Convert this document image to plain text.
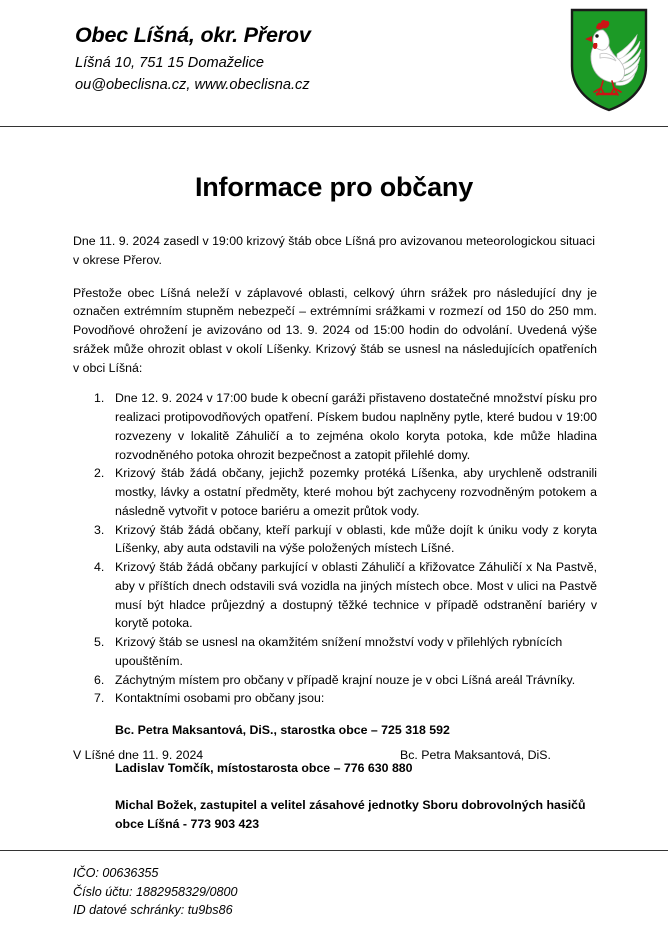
Obec Líšná, okr. Přerov
Líšná 10, 751 15 Domaželice
ou@obeclisna.cz, www.obeclisna.cz
Informace pro občany

Dne 11. 9. 2024 zasedl v 19:00 krizový štáb obce Líšná pro avizovanou meteorologickou situaci v okrese Přerov.

Přestože obec Líšná neleží v záplavové oblasti, celkový úhrn srážek pro následující dny je označen extrémním stupněm nebezpečí – extrémními srážkami v rozmezí od 150 do 250 mm. Povodňové ohrožení je avizováno od 13. 9. 2024 od 15:00 hodin do odvolání. Uvedená výše srážek může ohrozit oblast v okolí Líšenky. Krizový štáb se usnesl na následujících opatřeních v obci Líšná:

Dne 12. 9. 2024 v 17:00 bude k obecní garáži přistaveno dostatečné množství písku pro realizaci protipovodňových opatření. Pískem budou naplněny pytle, které budou v 19:00 rozvezeny v lokalitě Záhuličí a to zejména okolo koryta potoka, kde může hladina rozvodněného potoka ohrozit bezpečnost a zatopit přilehlé domy.
Krizový štáb žádá občany, jejichž pozemky protéká Líšenka, aby urychleně odstranili mostky, lávky a ostatní předměty, které mohou být zachyceny rozvodněným potokem a následně vytvořit v potoce bariéru a omezit průtok vody.
Krizový štáb žádá občany, kteří parkují v oblasti, kde může dojít k úniku vody z koryta Líšenky, aby auta odstavili na výše položených místech Líšné.
Krizový štáb žádá občany parkující v oblasti Záhuličí a křižovatce Záhuličí x Na Pastvě, aby v příštích dnech odstavili svá vozidla na jiných místech obce. Most v ulici na Pastvě musí být hladce průjezdný a dostupný těžké technice v případě odstranění bariéry v korytě potoka.
Krizový štáb se usnesl na okamžitém snížení množství vody v přilehlých rybnících upouštěním.
Záchytným místem pro občany v případě krajní nouze je v obci Líšná areál Trávníky.
Kontaktními osobami pro občany jsou:
Bc. Petra Maksantová, DiS., starostka obce – 725 318 592
Ladislav Tomčík, místostarosta obce – 776 630 880
Michal Božek, zastupitel a velitel zásahové jednotky Sboru dobrovolných hasičů obce Líšná - 773 903 423
V Líšné dne 11. 9. 2024	Bc. Petra Maksantová, DiS.
IČO: 00636355
Číslo účtu: 1882958329/0800
ID datové schránky: tu9bs86
